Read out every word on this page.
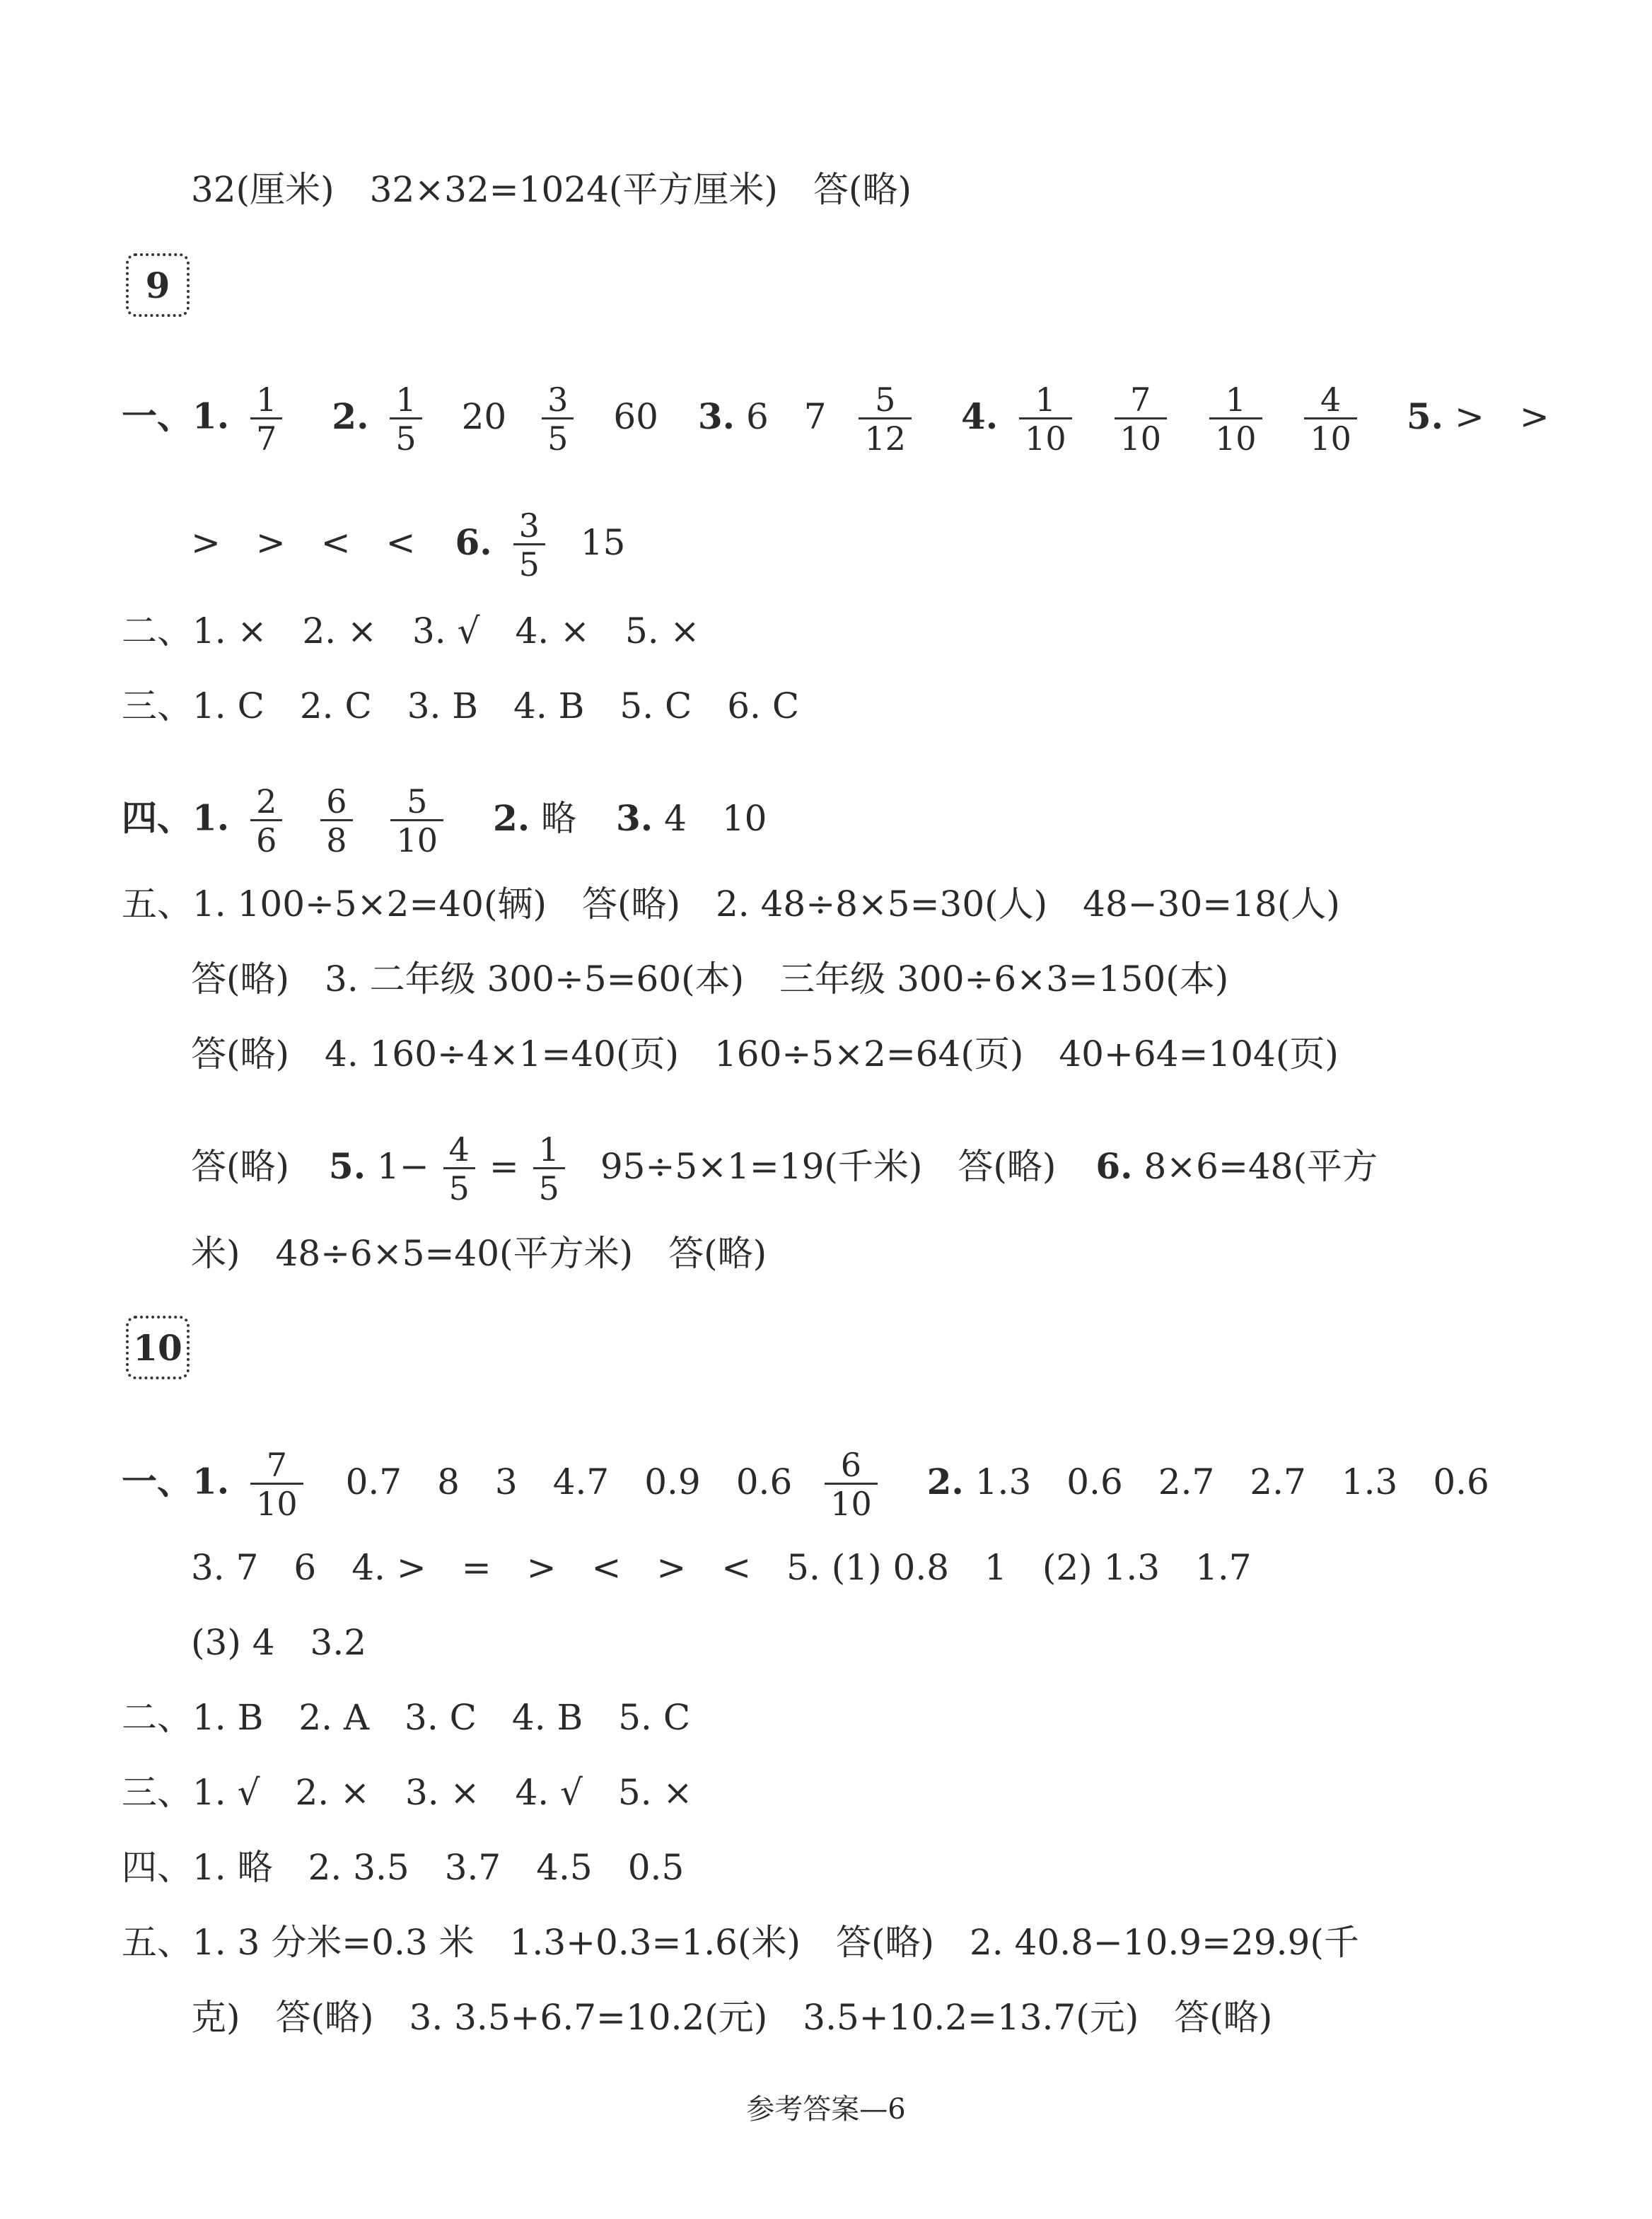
32(厘米)　32×32=1024(平方厘米)　答(略)
9
一、1. $\frac{1}{7} 2$. $\frac{1}{5} 20 \frac{3}{5} 60$ 3. 6　$7 \frac{5}{12} 4$. $\frac{1}{10}$
$\frac{7}{10}$
$\frac{1}{10}$
$\frac{4}{10} 5$. >　>
>　>　<　< 6. $\frac{3}{5} 15$
二、1. ×　2. ×　3. √　4. ×　5. ×
三、1. C　2. C　3. B　4. B　5. C　6. C
四、1. $\frac{2}{6}$
$\frac{6}{8}$
$\frac{5}{10} 2$. 略 3. 4　10
五、1. 100÷5×2=40(辆)　答(略)　2. 48÷8×5=30(人)　48−30=18(人)
答(略)　3. 二年级 300÷5=60(本)　三年级 300÷6×3=150(本)
答(略)　4. 160÷4×1=40(页)　160÷5×2=64(页)　40+64=104(页)
答(略) 5. $1- \frac{4}{5} = \frac{1}{5} 95\div 5\times 1=19$(千米)　答(略) 6. 8×6=48(平方
米)　48÷6×5=40(平方米)　答(略)
10
一、1. $\frac{7}{10} 0.7$　8　3　4.7　0.9　$0.6 \frac{6}{10} 2$. 1.3　0.6　2.7　2.7　1.3　0.6
3. 7　6　4. >　=　>　<　>　<　5. (1) 0.8　1　(2) 1.3　1.7
(3) 4　3.2
二、1. B　2. A　3. C　4. B　5. C
三、1. √　2. ×　3. ×　4. √　5. ×
四、1. 略　2. 3.5　3.7　4.5　0.5
五、1. 3 分米=0.3 米　1.3+0.3=1.6(米)　答(略)　2. 40.8−10.9=29.9(千
克)　答(略)　3. 3.5+6.7=10.2(元)　3.5+10.2=13.7(元)　答(略)
参考答案—6
